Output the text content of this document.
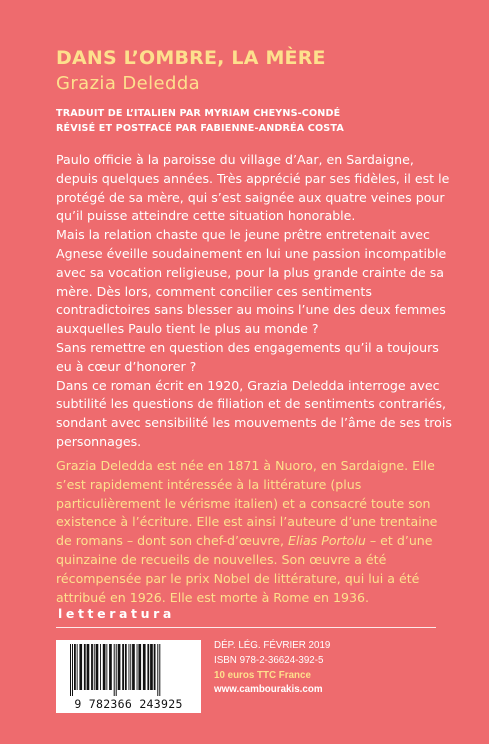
DANS L’OMBRE, LA MÈRE
Grazia Deledda
TRADUIT DE L’ITALIEN PAR MYRIAM CHEYNS-CONDÉ
RÉVISÉ ET POSTFACÉ PAR FABIENNE-ANDRÉA COSTA

Paulo officie à la paroisse du village d’Aar, en Sardaigne, depuis quelques années. Très apprécié par ses fidèles, il est le protégé de sa mère, qui s’est saignée aux quatre veines pour qu’il puisse atteindre cette situation honorable.

Mais la relation chaste que le jeune prêtre entretenait avec Agnese éveille soudainement en lui une passion incompatible avec sa vocation religieuse, pour la plus grande crainte de sa mère. Dès lors, comment concilier ces sentiments contradictoires sans blesser au moins l’une des deux femmes auxquelles Paulo tient le plus au monde ?

Sans remettre en question des engagements qu’il a toujours eu à cœur d’honorer ?

Dans ce roman écrit en 1920, Grazia Deledda interroge avec subtilité les questions de filiation et de sentiments contrariés, sondant avec sensibilité les mouvements de l’âme de ses trois personnages.

Grazia Deledda est née en 1871 à Nuoro, en Sardaigne. Elle s’est rapidement intéressée à la littérature (plus particulièrement le vérisme italien) et a consacré toute son existence à l’écriture. Elle est ainsi l’auteure d’une trentaine de romans – dont son chef-d’œuvre, Elias Portolu – et d’une quinzaine de recueils de nouvelles. Son œuvre a été récompensée par le prix Nobel de littérature, qui lui a été attribué en 1926. Elle est morte à Rome en 1936.

letteratura
9 782366 243925
DÉP. LÉG. FÉVRIER 2019
ISBN 978-2-36624-392-5
10 euros TTC France
www.cambourakis.com
